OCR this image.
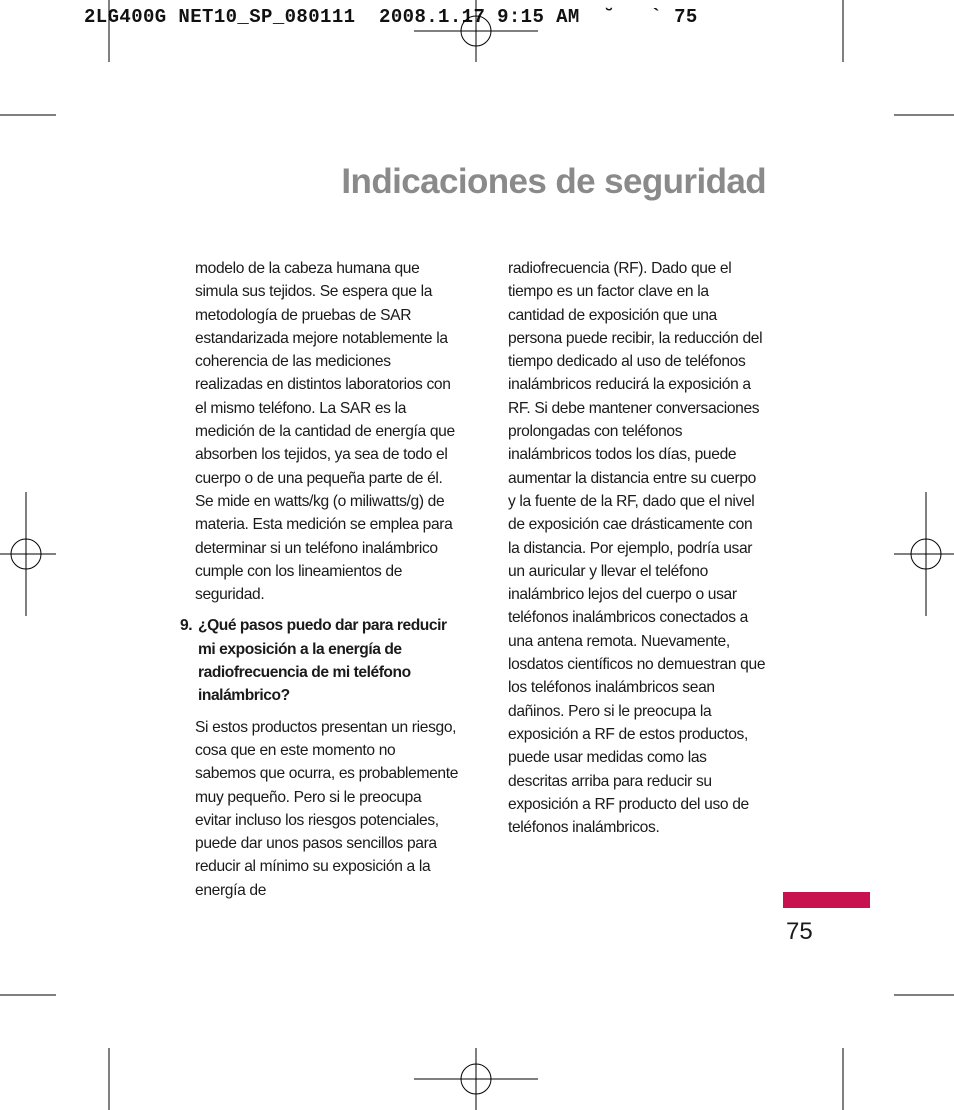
2LG400G NET10_SP_080111  2008.1.17 9:15 AM  ˘   ` 75
Indicaciones de seguridad

modelo de la cabeza humana que simula sus tejidos. Se espera que la metodología de pruebas de SAR estandarizada mejore notablemente la coherencia de las mediciones realizadas en distintos laboratorios con el mismo teléfono. La SAR es la medición de la cantidad de energía que absorben los tejidos, ya sea de todo el cuerpo o de una pequeña parte de él. Se mide en watts/kg (o miliwatts/g) de materia. Esta medición se emplea para determinar si un teléfono inalámbrico cumple con los lineamientos de seguridad.

9. ¿Qué pasos puedo dar para reducir mi exposición a la energía de radiofrecuencia de mi teléfono inalámbrico?

Si estos productos presentan un riesgo, cosa que en este momento no sabemos que ocurra, es probablemente muy pequeño. Pero si le preocupa evitar incluso los riesgos potenciales, puede dar unos pasos sencillos para reducir al mínimo su exposición a la energía de

radiofrecuencia (RF). Dado que el tiempo es un factor clave en la cantidad de exposición que una persona puede recibir, la reducción del tiempo dedicado al uso de teléfonos inalámbricos reducirá la exposición a RF. Si debe mantener conversaciones prolongadas con teléfonos inalámbricos todos los días, puede aumentar la distancia entre su cuerpo y la fuente de la RF, dado que el nivel de exposición cae drásticamente con la distancia. Por ejemplo, podría usar un auricular y llevar el teléfono inalámbrico lejos del cuerpo o usar teléfonos inalámbricos conectados a una antena remota. Nuevamente, losdatos científicos no demuestran que los teléfonos inalámbricos sean dañinos. Pero si le preocupa la exposición a RF de estos productos, puede usar medidas como las descritas arriba para reducir su exposición a RF producto del uso de teléfonos inalámbricos.

75
